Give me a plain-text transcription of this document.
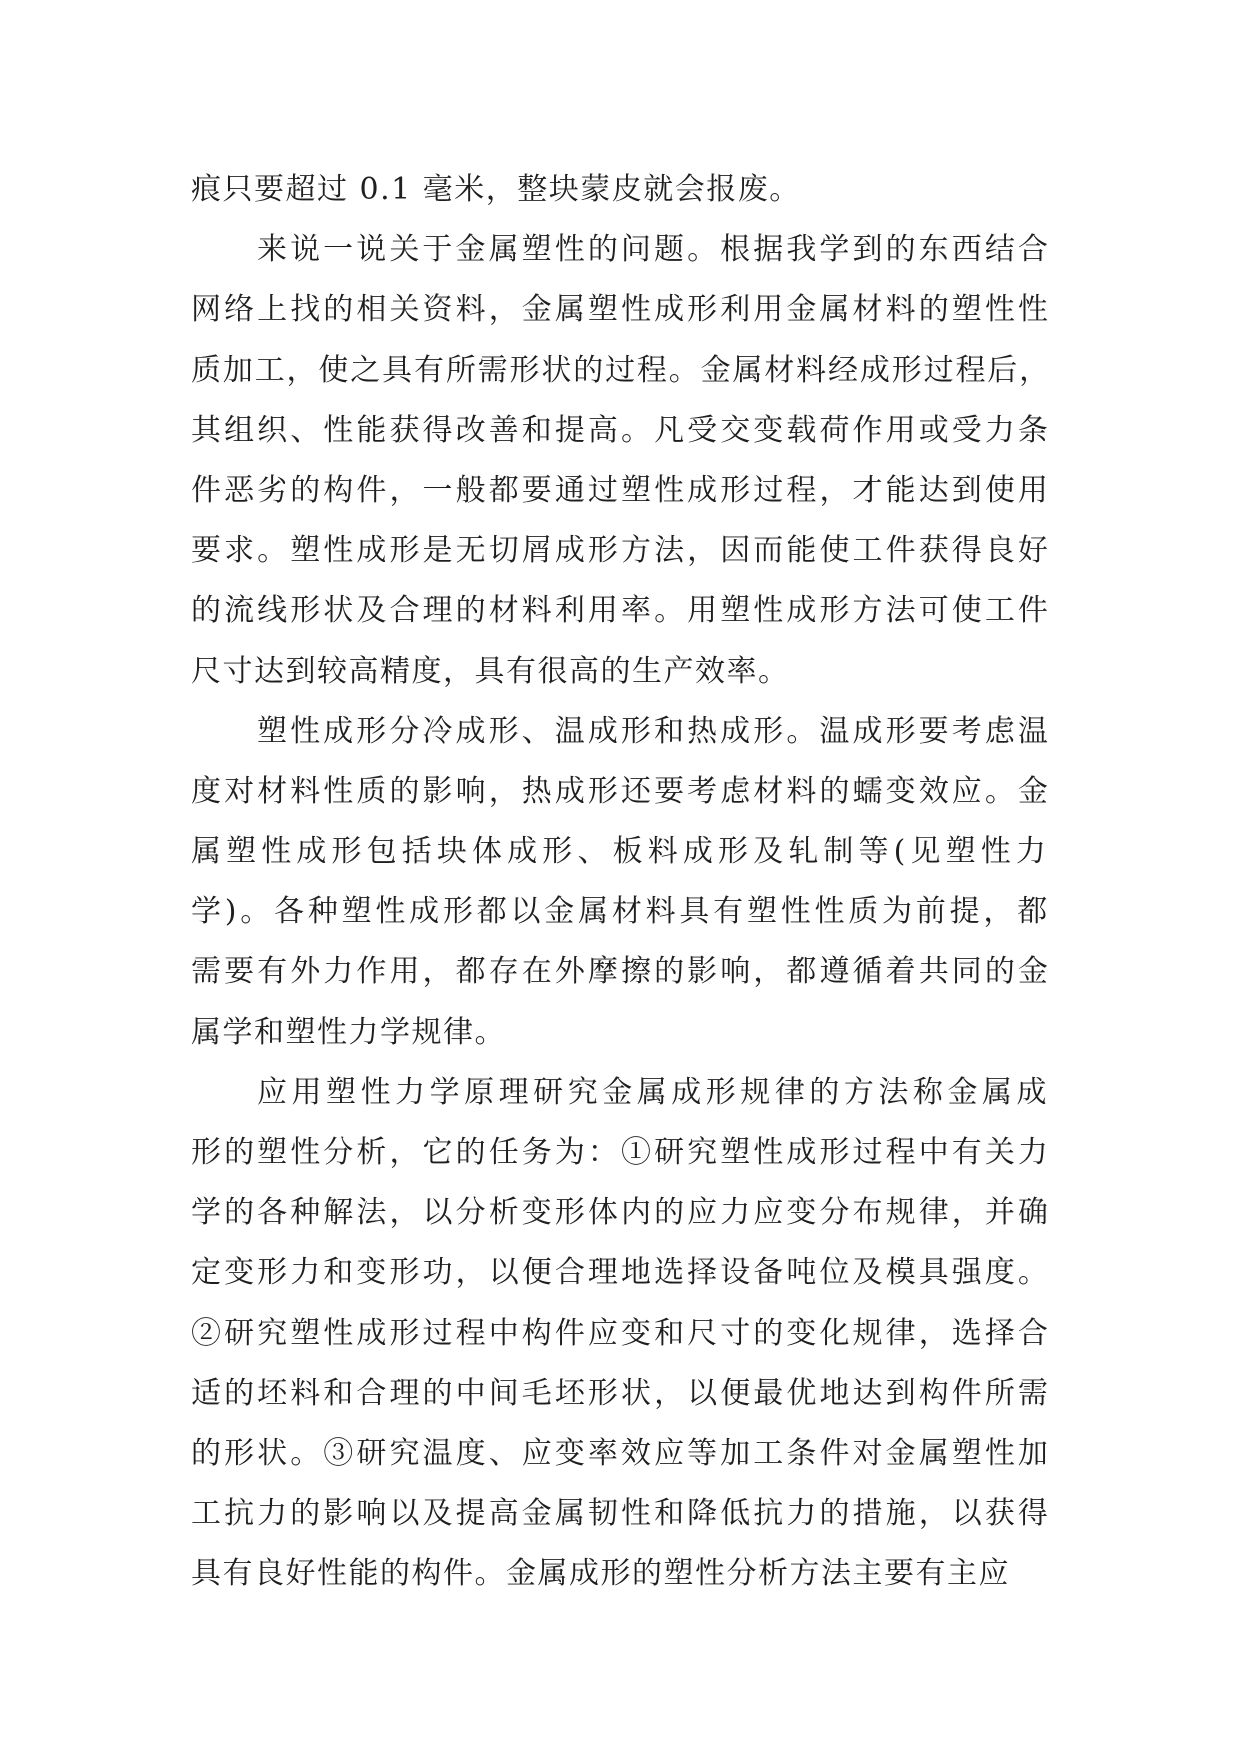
痕只要超过 0.1 毫米，整块蒙皮就会报废。
来说一说关于金属塑性的问题。根据我学到的东西结合
网络上找的相关资料，金属塑性成形利用金属材料的塑性性
质加工，使之具有所需形状的过程。金属材料经成形过程后，
其组织、性能获得改善和提高。凡受交变载荷作用或受力条
件恶劣的构件，一般都要通过塑性成形过程，才能达到使用
要求。塑性成形是无切屑成形方法，因而能使工件获得良好
的流线形状及合理的材料利用率。用塑性成形方法可使工件
尺寸达到较高精度，具有很高的生产效率。
塑性成形分冷成形、温成形和热成形。温成形要考虑温
度对材料性质的影响，热成形还要考虑材料的蠕变效应。金
属塑性成形包括块体成形、板料成形及轧制等(见塑性力
学)。各种塑性成形都以金属材料具有塑性性质为前提，都
需要有外力作用，都存在外摩擦的影响，都遵循着共同的金
属学和塑性力学规律。
应用塑性力学原理研究金属成形规律的方法称金属成
形的塑性分析，它的任务为：①研究塑性成形过程中有关力
学的各种解法，以分析变形体内的应力应变分布规律，并确
定变形力和变形功，以便合理地选择设备吨位及模具强度。
②研究塑性成形过程中构件应变和尺寸的变化规律，选择合
适的坯料和合理的中间毛坯形状，以便最优地达到构件所需
的形状。③研究温度、应变率效应等加工条件对金属塑性加
工抗力的影响以及提高金属韧性和降低抗力的措施，以获得
具有良好性能的构件。金属成形的塑性分析方法主要有主应
